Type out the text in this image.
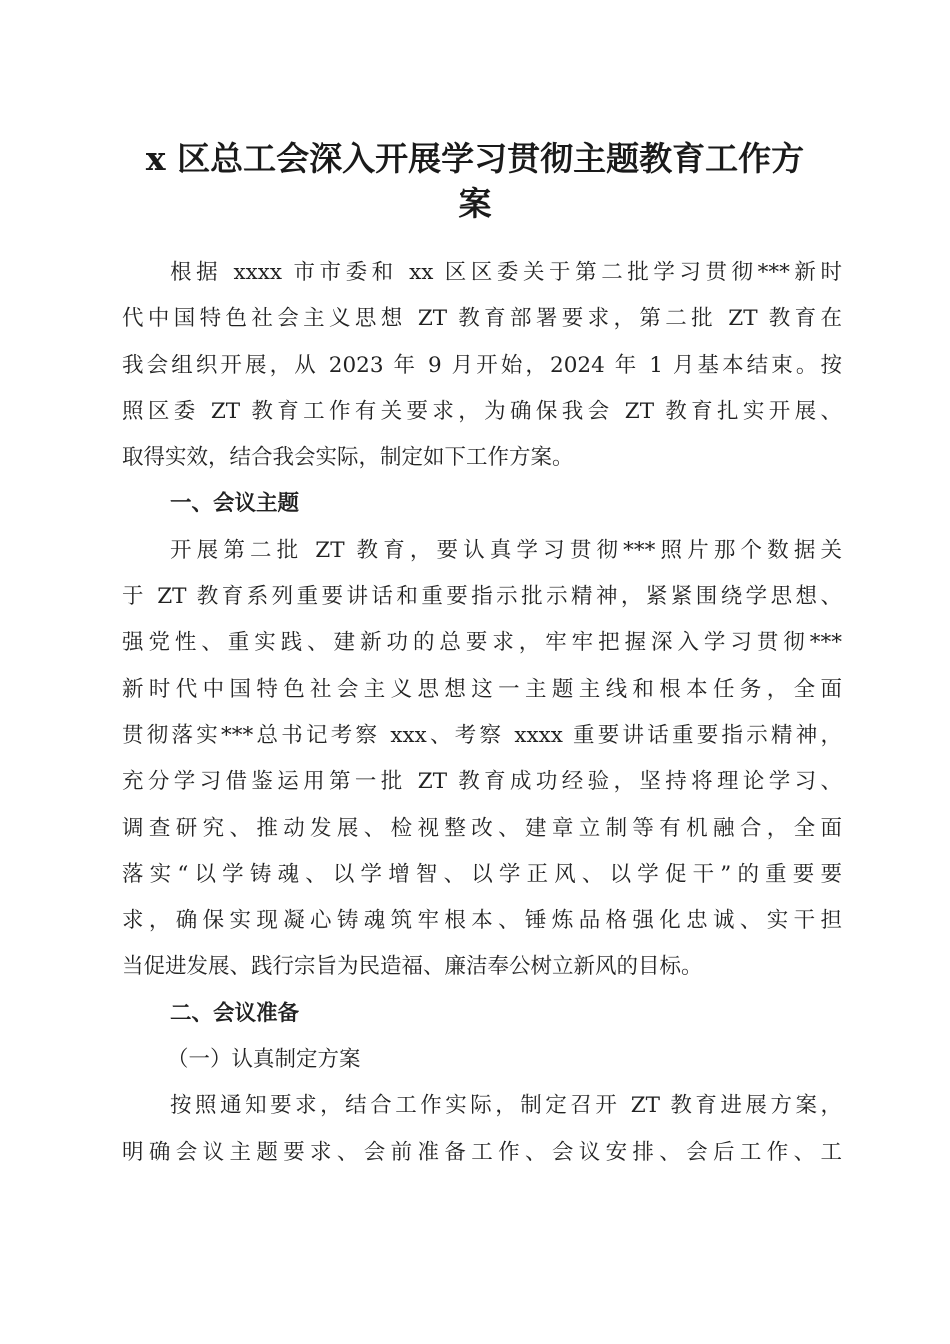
x 区总工会深入开展学习贯彻主题教育工作方
案
根据 xxxx 市市委和 xx 区区委关于第二批学习贯彻***新时
代中国特色社会主义思想 ZT 教育部署要求，第二批 ZT 教育在
我会组织开展，从 2023 年 9 月开始，2024 年 1 月基本结束。按
照区委 ZT 教育工作有关要求，为确保我会 ZT 教育扎实开展、
取得实效，结合我会实际，制定如下工作方案。
一、会议主题
开展第二批 ZT 教育，要认真学习贯彻***照片那个数据关
于 ZT 教育系列重要讲话和重要指示批示精神，紧紧围绕学思想、
强党性、重实践、建新功的总要求，牢牢把握深入学习贯彻***
新时代中国特色社会主义思想这一主题主线和根本任务，全面
贯彻落实***总书记考察 xxx、考察 xxxx 重要讲话重要指示精神，
充分学习借鉴运用第一批 ZT 教育成功经验，坚持将理论学习、
调查研究、推动发展、检视整改、建章立制等有机融合，全面
落实“以学铸魂、以学增智、以学正风、以学促干”的重要要
求，确保实现凝心铸魂筑牢根本、锤炼品格强化忠诚、实干担
当促进发展、践行宗旨为民造福、廉洁奉公树立新风的目标。
二、会议准备
（一）认真制定方案
按照通知要求，结合工作实际，制定召开 ZT 教育进展方案，
明确会议主题要求、会前准备工作、会议安排、会后工作、工
